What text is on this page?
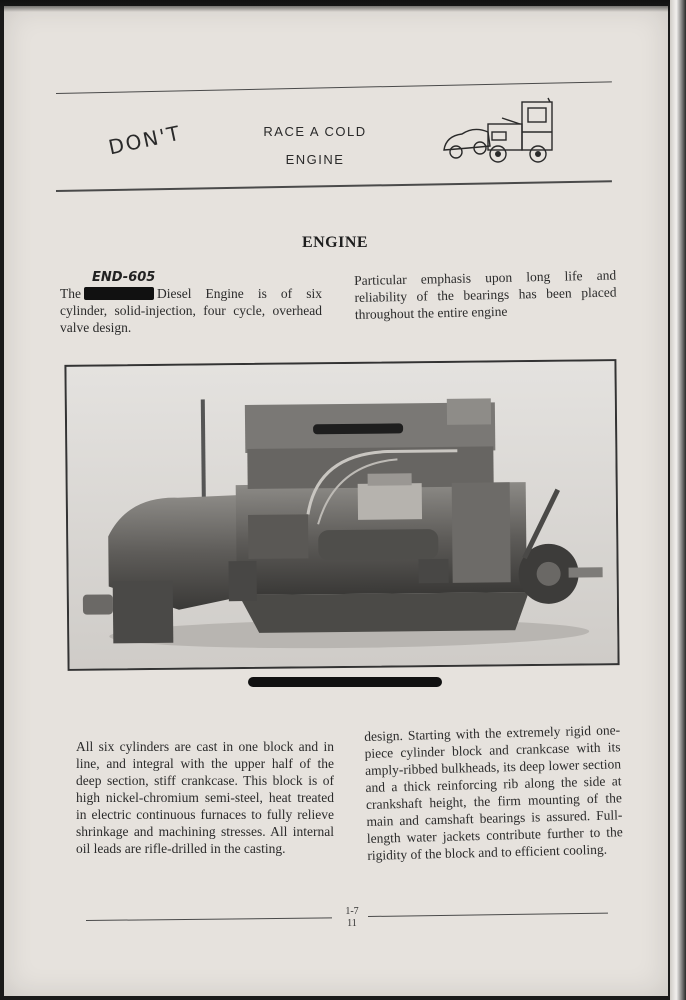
DON'T	RACE A COLD
ENGINE
ENGINE
END-605
The	Diesel Engine is of six cylinder, solid-injection, four cycle, overhead valve design.
Particular emphasis upon long life and reliability of the bearings has been placed throughout the entire engine
All six cylinders are cast in one block and in line, and integral with the upper half of the deep section, stiff crankcase. This block is of high nickel-chromium semi-steel, heat treated in electric continuous furnaces to fully relieve shrinkage and machining stresses. All internal oil leads are rifle-drilled in the casting.
design. Starting with the extremely rigid one-piece cylinder block and crankcase with its amply-ribbed bulkheads, its deep lower section and a thick reinforcing rib along the side at crankshaft height, the firm mounting of the main and camshaft bearings is assured. Full-length water jackets contribute further to the rigidity of the block and to efficient cooling.
1-7
11
